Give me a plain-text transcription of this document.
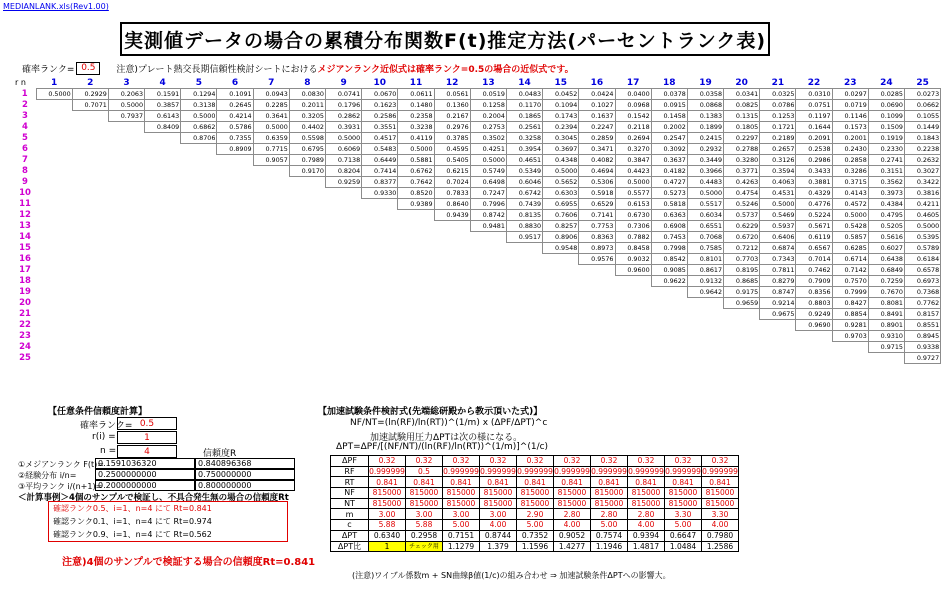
MEDIANLANK.xls(Rev1.00)
実測値データの場合の累積分布関数F(t)推定方法(パーセントランク表)
確率ランク= 0.5	注意)プレート熱交長期信頼性検討シートにおける メジアンランク近似式は確率ランク=0.5の場合の近似式です。
r n	1	2	3	4	5	6	7	8	9	10	11	12	13	14	15	16	17	18	19	20	21	22	23	24	25
1	0.5000	0.2929	0.2063	0.1591	0.1294	0.1091	0.0943	0.0830	0.0741	0.0670	0.0611	0.0561	0.0519	0.0483	0.0452	0.0424	0.0400	0.0378	0.0358	0.0341	0.0325	0.0310	0.0297	0.0285	0.0273
2		0.7071	0.5000	0.3857	0.3138	0.2645	0.2285	0.2011	0.1796	0.1623	0.1480	0.1360	0.1258	0.1170	0.1094	0.1027	0.0968	0.0915	0.0868	0.0825	0.0786	0.0751	0.0719	0.0690	0.0662
3			0.7937	0.6143	0.5000	0.4214	0.3641	0.3205	0.2862	0.2586	0.2358	0.2167	0.2004	0.1865	0.1743	0.1637	0.1542	0.1458	0.1383	0.1315	0.1253	0.1197	0.1146	0.1099	0.1055
4				0.8409	0.6862	0.5786	0.5000	0.4402	0.3931	0.3551	0.3238	0.2976	0.2753	0.2561	0.2394	0.2247	0.2118	0.2002	0.1899	0.1805	0.1721	0.1644	0.1573	0.1509	0.1449
5					0.8706	0.7355	0.6359	0.5598	0.5000	0.4517	0.4119	0.3785	0.3502	0.3258	0.3045	0.2859	0.2694	0.2547	0.2415	0.2297	0.2189	0.2091	0.2001	0.1919	0.1843
6						0.8909	0.7715	0.6795	0.6069	0.5483	0.5000	0.4595	0.4251	0.3954	0.3697	0.3471	0.3270	0.3092	0.2932	0.2788	0.2657	0.2538	0.2430	0.2330	0.2238
7							0.9057	0.7989	0.7138	0.6449	0.5881	0.5405	0.5000	0.4651	0.4348	0.4082	0.3847	0.3637	0.3449	0.3280	0.3126	0.2986	0.2858	0.2741	0.2632
8								0.9170	0.8204	0.7414	0.6762	0.6215	0.5749	0.5349	0.5000	0.4694	0.4423	0.4182	0.3966	0.3771	0.3594	0.3433	0.3286	0.3151	0.3027
9									0.9259	0.8377	0.7642	0.7024	0.6498	0.6046	0.5652	0.5306	0.5000	0.4727	0.4483	0.4263	0.4063	0.3881	0.3715	0.3562	0.3422
10										0.9330	0.8520	0.7833	0.7247	0.6742	0.6303	0.5918	0.5577	0.5273	0.5000	0.4754	0.4531	0.4329	0.4143	0.3973	0.3816
11											0.9389	0.8640	0.7996	0.7439	0.6955	0.6529	0.6153	0.5818	0.5517	0.5246	0.5000	0.4776	0.4572	0.4384	0.4211
12												0.9439	0.8742	0.8135	0.7606	0.7141	0.6730	0.6363	0.6034	0.5737	0.5469	0.5224	0.5000	0.4795	0.4605
13													0.9481	0.8830	0.8257	0.7753	0.7306	0.6908	0.6551	0.6229	0.5937	0.5671	0.5428	0.5205	0.5000
14														0.9517	0.8906	0.8363	0.7882	0.7453	0.7068	0.6720	0.6406	0.6119	0.5857	0.5616	0.5395
15															0.9548	0.8973	0.8458	0.7998	0.7585	0.7212	0.6874	0.6567	0.6285	0.6027	0.5789
16																0.9576	0.9032	0.8542	0.8101	0.7703	0.7343	0.7014	0.6714	0.6438	0.6184
17																	0.9600	0.9085	0.8617	0.8195	0.7811	0.7462	0.7142	0.6849	0.6578
18																		0.9622	0.9132	0.8685	0.8279	0.7909	0.7570	0.7259	0.6973
19																			0.9642	0.9175	0.8747	0.8356	0.7999	0.7670	0.7368
20																				0.9659	0.9214	0.8803	0.8427	0.8081	0.7762
21																					0.9675	0.9249	0.8854	0.8491	0.8157
22																						0.9690	0.9281	0.8901	0.8551
23																							0.9703	0.9310	0.8945
24																								0.9715	0.9338
25																									0.9727
【任意条件信頼度計算】
確率ランク= 0.5
r(i) =	1
n =	4	信頼度R
①メジアンランク F(t)=
0.1591036320	0.840896368
②経験分布 i/n=	0.2500000000	0.750000000
③平均ランク i/(n+1)=
0.2000000000	0.800000000
＜計算事例＞4個のサンプルで検証し、不具合発生無の場合の信頼度Rt
確認ランク0.5、i=1、n=4 にて Rt=0.841
確認ランク0.1、i=1、n=4 にて Rt=0.974
確認ランク0.9、i=1、n=4 にて Rt=0.562
注意)4個のサンプルで検証する場合の信頼度Rt=0.841
【加速試験条件検討式(先端総研殿から教示頂いた式)】
NF/NT=(ln(RF)/ln(RT))^(1/m) x (ΔPF/ΔPT)^c
加速試験用圧力ΔPTは次の様になる。
ΔPT=ΔPF/[(NF/NT)/(ln(RF)/ln(RT))^(1/m)]^(1/c)
ΔPF	0.32	0.32	0.32	0.32	0.32	0.32	0.32	0.32	0.32	0.32
RF	0.999999	0.5	0.999999	0.999999	0.999999	0.999999	0.999999	0.999999	0.999999	0.999999
RT	0.841	0.841	0.841	0.841	0.841	0.841	0.841	0.841	0.841	0.841
NF	815000	815000	815000	815000	815000	815000	815000	815000	815000	815000
NT	815000	815000	815000	815000	815000	815000	815000	815000	815000	815000
m	3.00	3.00	3.00	3.00	2.90	2.80	2.80	2.80	3.30	3.30
c	5.88	5.88	5.00	4.00	5.00	4.00	5.00	4.00	5.00	4.00
ΔPT	0.6340	0.2958	0.7151	0.8744	0.7352	0.9052	0.7574	0.9394	0.6647	0.7980
ΔPT比	1	チェック用	1.1279	1.379	1.1596	1.4277	1.1946	1.4817	1.0484	1.2586
(注意)ワイブル係数m + SN曲線β値(1/c)の組み合わせ ⇒ 加速試験条件ΔPTへの影響大。
